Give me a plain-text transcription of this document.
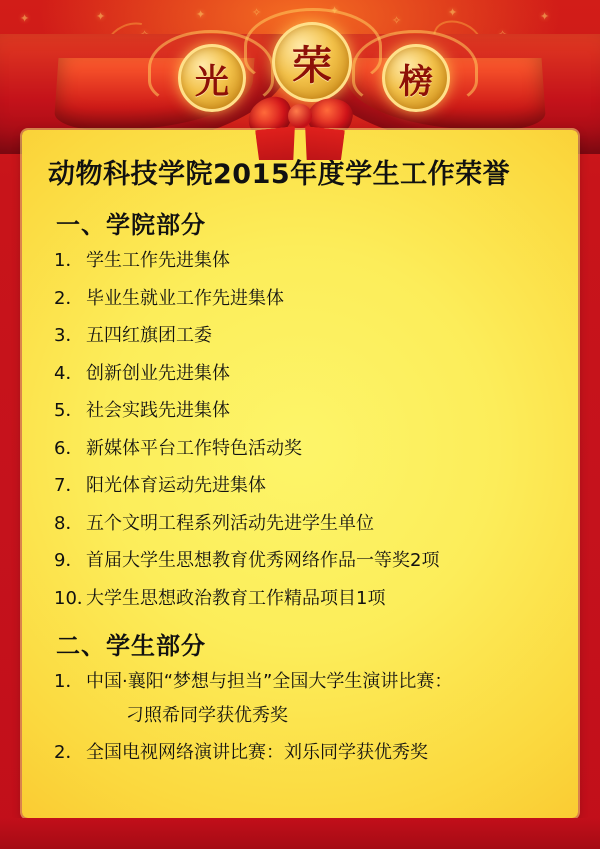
✦	✦	✦	✧	✦
✧
✦	✦
光	荣	榜
动物科技学院2015年度学生工作荣誉
一、学院部分
1． 学生工作先进集体
2． 毕业生就业工作先进集体
3． 五四红旗团工委
4． 创新创业先进集体
5． 社会实践先进集体
6． 新媒体平台工作特色活动奖
7． 阳光体育运动先进集体
8． 五个文明工程系列活动先进学生单位
9． 首届大学生思想教育优秀网络作品一等奖2项
10．
大学生思想政治教育工作精品项目1项
二、学生部分
1． 中国·襄阳“梦想与担当”全国大学生演讲比赛：
刁照希同学获优秀奖
2． 全国电视网络演讲比赛：刘乐同学获优秀奖
